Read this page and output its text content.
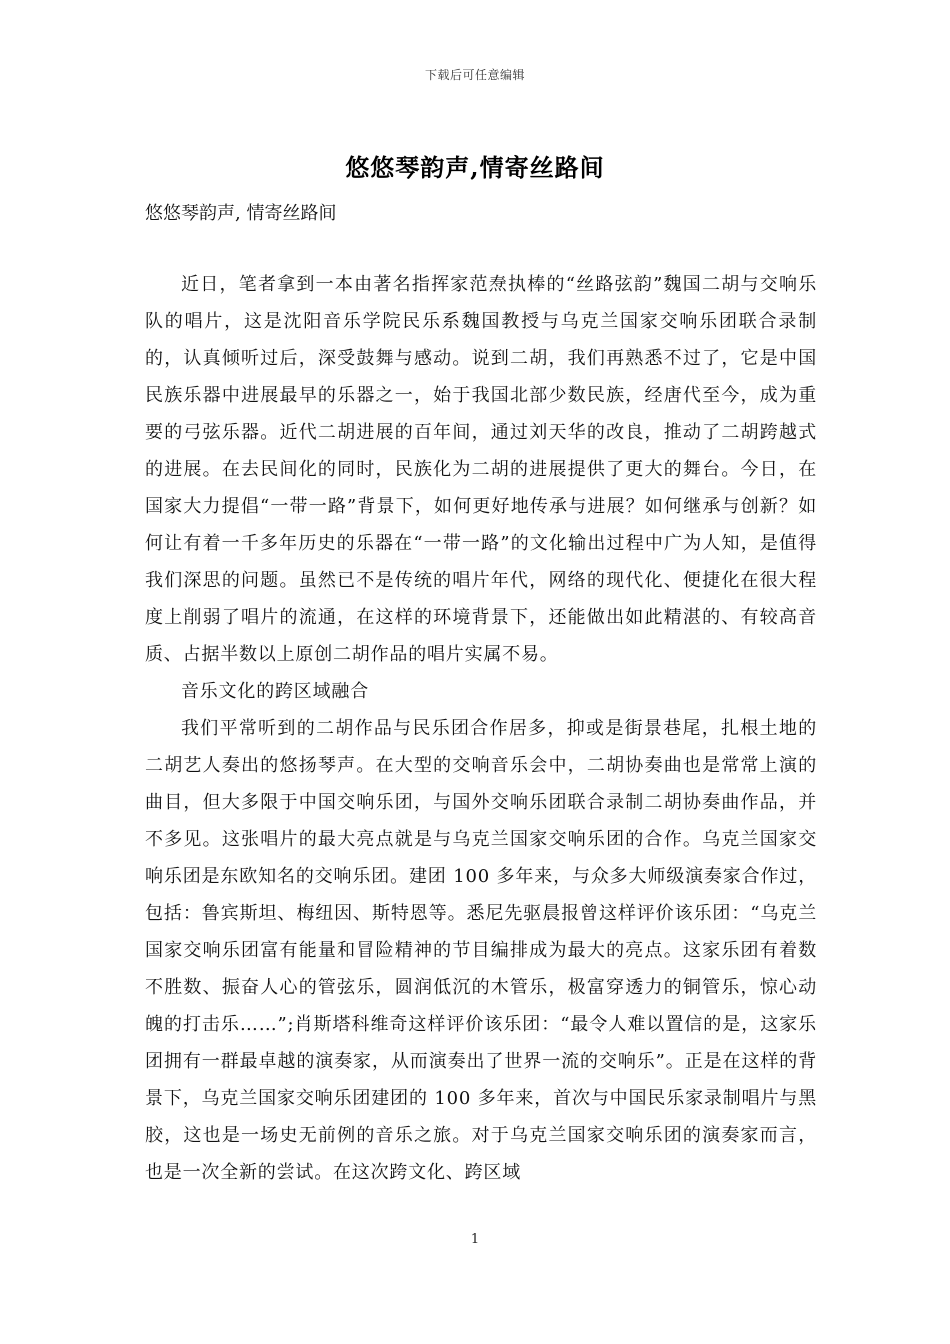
下载后可任意编辑
悠悠琴韵声,情寄丝路间
悠悠琴韵声, 情寄丝路间

近日，笔者拿到一本由著名指挥家范焘执棒的“丝路弦韵”魏国二胡与交响乐队的唱片，这是沈阳音乐学院民乐系魏国教授与乌克兰国家交响乐团联合录制的，认真倾听过后，深受鼓舞与感动。说到二胡，我们再熟悉不过了，它是中国民族乐器中进展最早的乐器之一，始于我国北部少数民族，经唐代至今，成为重要的弓弦乐器。近代二胡进展的百年间，通过刘天华的改良，推动了二胡跨越式的进展。在去民间化的同时，民族化为二胡的进展提供了更大的舞台。今日，在国家大力提倡“一带一路”背景下，如何更好地传承与进展？如何继承与创新？如何让有着一千多年历史的乐器在“一带一路”的文化输出过程中广为人知，是值得我们深思的问题。虽然已不是传统的唱片年代，网络的现代化、便捷化在很大程度上削弱了唱片的流通，在这样的环境背景下，还能做出如此精湛的、有较高音质、占据半数以上原创二胡作品的唱片实属不易。

音乐文化的跨区域融合

我们平常听到的二胡作品与民乐团合作居多，抑或是街景巷尾，扎根土地的二胡艺人奏出的悠扬琴声。在大型的交响音乐会中，二胡协奏曲也是常常上演的曲目，但大多限于中国交响乐团，与国外交响乐团联合录制二胡协奏曲作品，并不多见。这张唱片的最大亮点就是与乌克兰国家交响乐团的合作。乌克兰国家交响乐团是东欧知名的交响乐团。建团 100 多年来，与众多大师级演奏家合作过，包括：鲁宾斯坦、梅纽因、斯特恩等。悉尼先驱晨报曾这样评价该乐团：“乌克兰国家交响乐团富有能量和冒险精神的节目编排成为最大的亮点。这家乐团有着数不胜数、振奋人心的管弦乐，圆润低沉的木管乐，极富穿透力的铜管乐，惊心动魄的打击乐……”;肖斯塔科维奇这样评价该乐团：“最令人难以置信的是，这家乐团拥有一群最卓越的演奏家，从而演奏出了世界一流的交响乐”。正是在这样的背景下，乌克兰国家交响乐团建团的 100 多年来，首次与中国民乐家录制唱片与黑胶，这也是一场史无前例的音乐之旅。对于乌克兰国家交响乐团的演奏家而言，也是一次全新的尝试。在这次跨文化、跨区域

1
